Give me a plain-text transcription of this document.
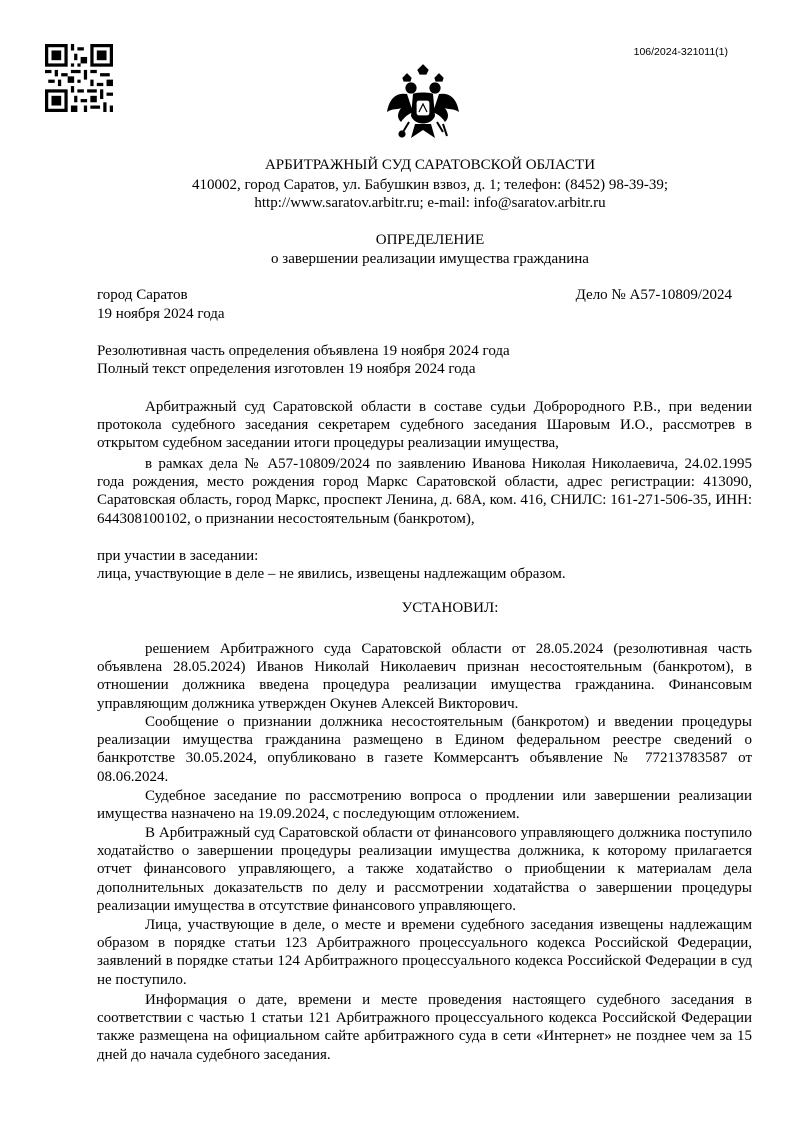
106/2024-321011(1)
АРБИТРАЖНЫЙ СУД САРАТОВСКОЙ ОБЛАСТИ
410002, город Саратов, ул. Бабушкин взвоз, д. 1; телефон: (8452) 98-39-39;
http://www.saratov.arbitr.ru; e-mail: info@saratov.arbitr.ru
ОПРЕДЕЛЕНИЕ
о завершении реализации имущества гражданина
город Саратов	Дело № А57-10809/2024
19 ноября 2024 года
Резолютивная часть определения объявлена 19 ноября 2024 года
Полный текст определения изготовлен 19 ноября 2024 года
Арбитражный суд Саратовской области в составе судьи Доброродного Р.В., при ведении протокола судебного заседания секретарем судебного заседания Шаровым И.О., рассмотрев в открытом судебном заседании итоги процедуры реализации имущества,
в рамках дела № А57-10809/2024 по заявлению Иванова Николая Николаевича, 24.02.1995 года рождения, место рождения город Маркс Саратовской области, адрес регистрации: 413090, Саратовская область, город Маркс, проспект Ленина, д. 68А, ком. 416, СНИЛС: 161-271-506-35, ИНН: 644308100102, о признании несостоятельным (банкротом),
при участии в заседании:
лица, участвующие в деле – не явились, извещены надлежащим образом.
УСТАНОВИЛ:
решением Арбитражного суда Саратовской области от 28.05.2024 (резолютивная часть объявлена 28.05.2024) Иванов Николай Николаевич признан несостоятельным (банкротом), в отношении должника введена процедура реализации имущества гражданина. Финансовым управляющим должника утвержден Окунев Алексей Викторович.
Сообщение о признании должника несостоятельным (банкротом) и введении процедуры реализации имущества гражданина размещено в Едином федеральном реестре сведений о банкротстве 30.05.2024, опубликовано в газете Коммерсантъ объявление № 77213783587 от 08.06.2024.
Судебное заседание по рассмотрению вопроса о продлении или завершении реализации имущества назначено на 19.09.2024, с последующим отложением.
В Арбитражный суд Саратовской области от финансового управляющего должника поступило ходатайство о завершении процедуры реализации имущества должника, к которому прилагается отчет финансового управляющего, а также ходатайство о приобщении к материалам дела дополнительных доказательств по делу и рассмотрении ходатайства о завершении процедуры реализации имущества в отсутствие финансового управляющего.
Лица, участвующие в деле, о месте и времени судебного заседания извещены надлежащим образом в порядке статьи 123 Арбитражного процессуального кодекса Российской Федерации, заявлений в порядке статьи 124 Арбитражного процессуального кодекса Российской Федерации в суд не поступило.
Информация о дате, времени и месте проведения настоящего судебного заседания в соответствии с частью 1 статьи 121 Арбитражного процессуального кодекса Российской Федерации также размещена на официальном сайте арбитражного суда в сети «Интернет» не позднее чем за 15 дней до начала судебного заседания.
